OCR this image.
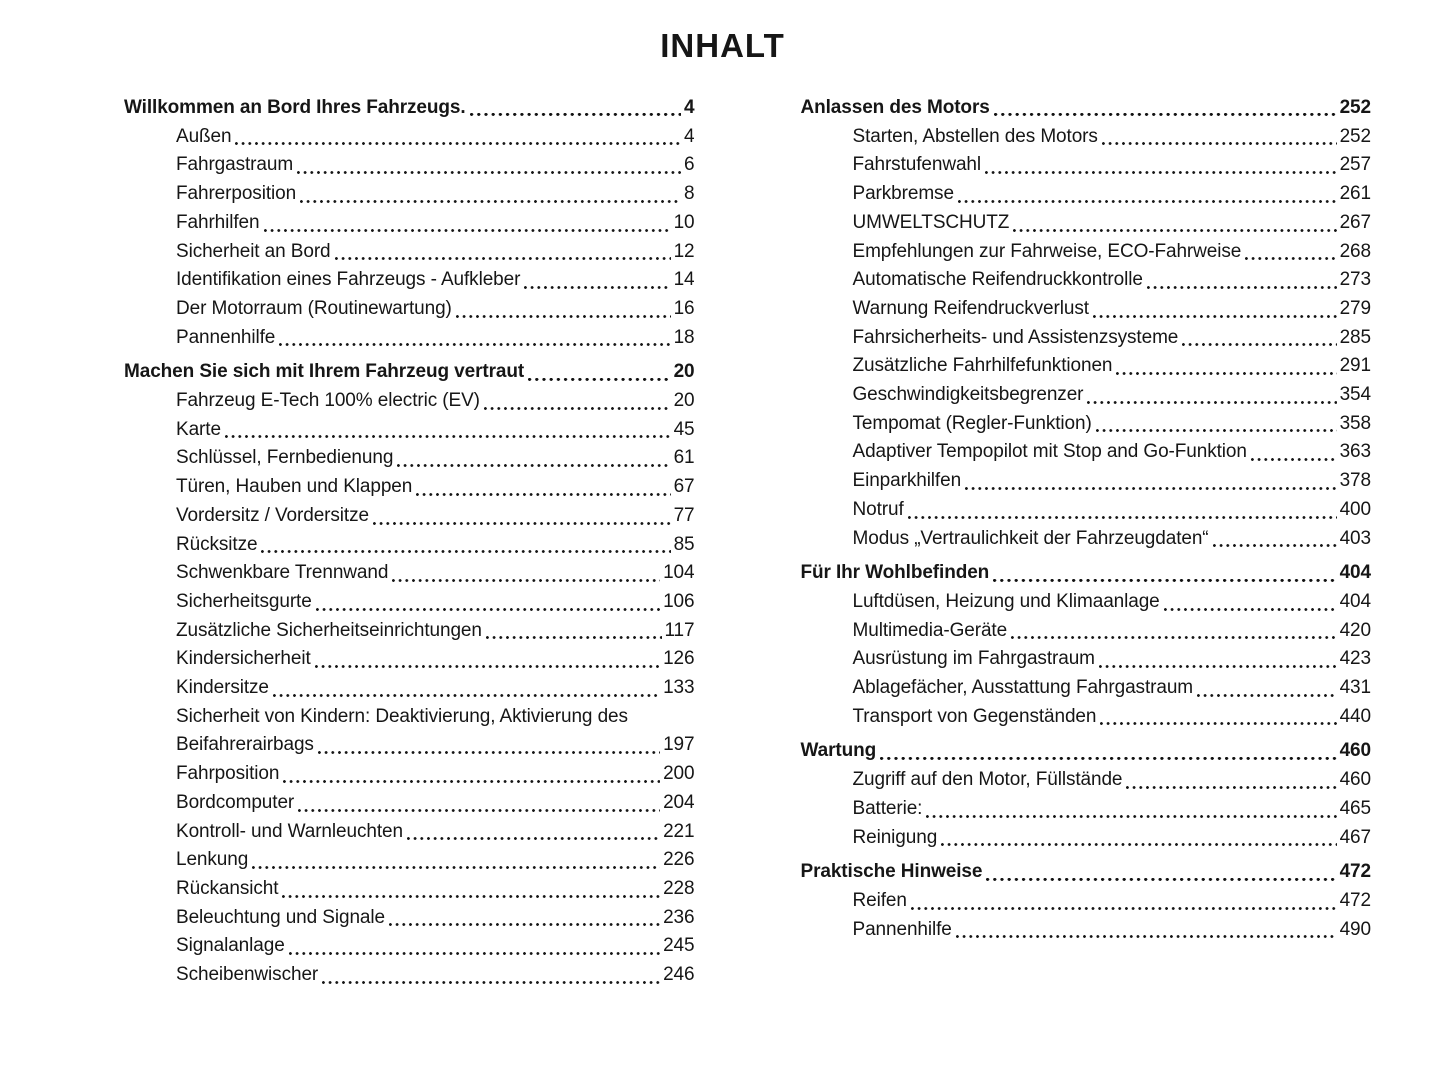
INHALT
Willkommen an Bord Ihres Fahrzeugs.	4
Außen	4
Fahrgastraum	6
Fahrerposition	8
Fahrhilfen	10
Sicherheit an Bord	12
Identifikation eines Fahrzeugs - Aufkleber	14
Der Motorraum (Routinewartung)	16
Pannenhilfe	18
Machen Sie sich mit Ihrem Fahrzeug vertraut	20
Fahrzeug E-Tech 100% electric (EV)	20
Karte	45
Schlüssel, Fernbedienung	61
Türen, Hauben und Klappen	67
Vordersitz / Vordersitze	77
Rücksitze	85
Schwenkbare Trennwand	104
Sicherheitsgurte	106
Zusätzliche Sicherheitseinrichtungen	117
Kindersicherheit	126
Kindersitze	133
Sicherheit von Kindern: Deaktivierung, Aktivierung des
Beifahrerairbags	197
Fahrposition	200
Bordcomputer	204
Kontroll- und Warnleuchten	221
Lenkung	226
Rückansicht	228
Beleuchtung und Signale	236
Signalanlage	245
Scheibenwischer	246
Anlassen des Motors	252
Starten, Abstellen des Motors	252
Fahrstufenwahl	257
Parkbremse	261
UMWELTSCHUTZ	267
Empfehlungen zur Fahrweise, ECO-Fahrweise	268
Automatische Reifendruckkontrolle	273
Warnung Reifendruckverlust	279
Fahrsicherheits- und Assistenzsysteme	285
Zusätzliche Fahrhilfefunktionen	291
Geschwindigkeitsbegrenzer	354
Tempomat (Regler-Funktion)	358
Adaptiver Tempopilot mit Stop and Go-Funktion	363
Einparkhilfen	378
Notruf	400
Modus „Vertraulichkeit der Fahrzeugdaten“	403
Für Ihr Wohlbefinden	404
Luftdüsen, Heizung und Klimaanlage	404
Multimedia-Geräte	420
Ausrüstung im Fahrgastraum	423
Ablagefächer, Ausstattung Fahrgastraum	431
Transport von Gegenständen	440
Wartung	460
Zugriff auf den Motor, Füllstände	460
Batterie:	465
Reinigung	467
Praktische Hinweise	472
Reifen	472
Pannenhilfe	490
